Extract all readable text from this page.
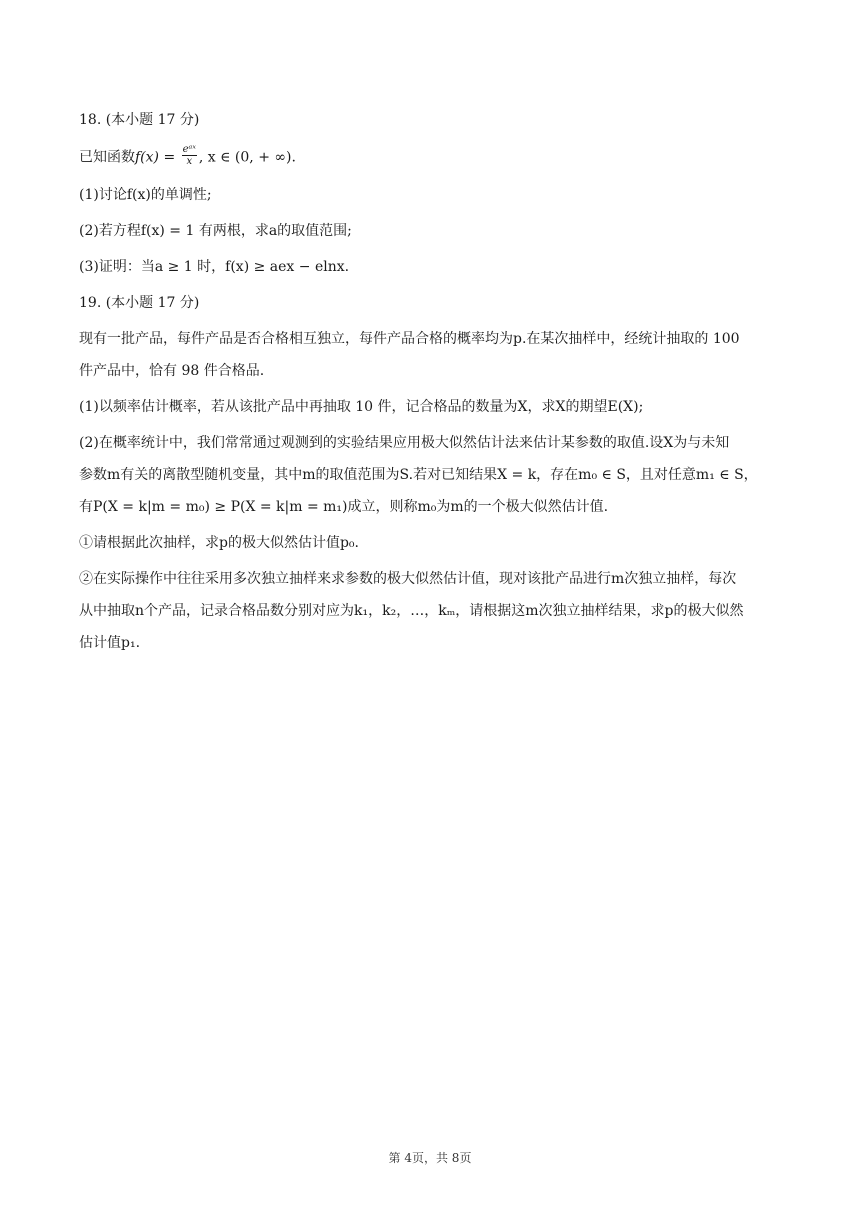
18. (本小题 17 分)
已知函数$f(x) = \frac{\text{eᵃˣ}}{x}$ , x ∈ (0, + ∞).
(1)讨论f(x)的单调性;
(2)若方程f(x) = 1 有两根，求a的取值范围;
(3)证明：当a ≥ 1 时，f(x) ≥ aex − elnx.
19. (本小题 17 分)
现有一批产品，每件产品是否合格相互独立，每件产品合格的概率均为p.在某次抽样中，经统计抽取的 100
件产品中，恰有 98 件合格品.
(1)以频率估计概率，若从该批产品中再抽取 10 件，记合格品的数量为X，求X的期望E(X);
(2)在概率统计中，我们常常通过观测到的实验结果应用极大似然估计法来估计某参数的取值.设X为与未知
参数m有关的离散型随机变量，其中m的取值范围为S.若对已知结果X = k，存在m₀ ∈ S，且对任意m₁ ∈ S，
有P(X = k|m = m₀) ≥ P(X = k|m = m₁)成立，则称m₀为m的一个极大似然估计值.
①请根据此次抽样，求p的极大似然估计值p₀.
②在实际操作中往往采用多次独立抽样来求参数的极大似然估计值，现对该批产品进行m次独立抽样，每次
从中抽取n个产品，记录合格品数分别对应为k₁，k₂，…，kₘ，请根据这m次独立抽样结果，求p的极大似然
估计值p₁.
第 4页，共 8页
